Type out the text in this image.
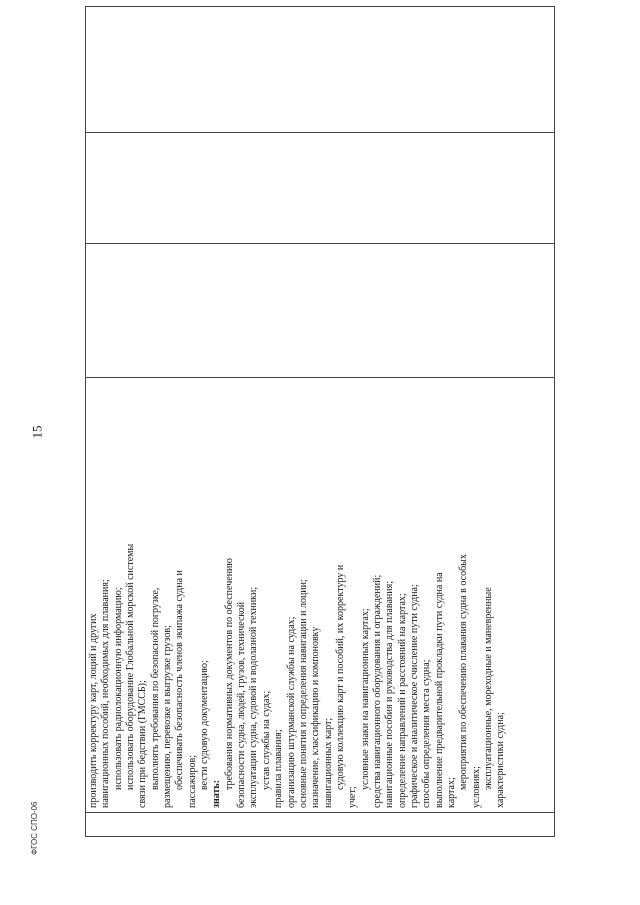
15

производить корректуру карт, лоций и других навигационных пособий, необходимых для плавания; использовать радиолокационную информацию; использовать оборудование Глобальной морской системы связи при бедствии (ГМССБ); выполнять требования по безопасной погрузке, размещению, перевозке и выгрузке грузов; обеспечивать безопасность членов экипажа судна и пассажиров; вести судовую документацию;
знать:
требования нормативных документов по обеспечению безопасности судна, людей, грузов, технической эксплуатации судна, судовой и водолазной техники; устав службы на судах; правила плавания; организацию штурманской службы на судах; основные понятия и определения навигации и лоции; назначение, классификацию и компоновку навигационных карт; судовую коллекцию карт и пособий, их корректуру и
учет;
условные знаки на навигационных картах; средства навигационного оборудования и ограждений; навигационные пособия и руководства для плавания; определение направлений и расстояний на картах; графическое и аналитическое счисление пути судна; способы определения места судна; выполнение предварительной прокладки пути судна на картах;
мероприятия по обеспечению плавания судна в особых условиях; эксплуатационные, мореходные и маневренные характеристики судна;

ФГОС СПО-06
